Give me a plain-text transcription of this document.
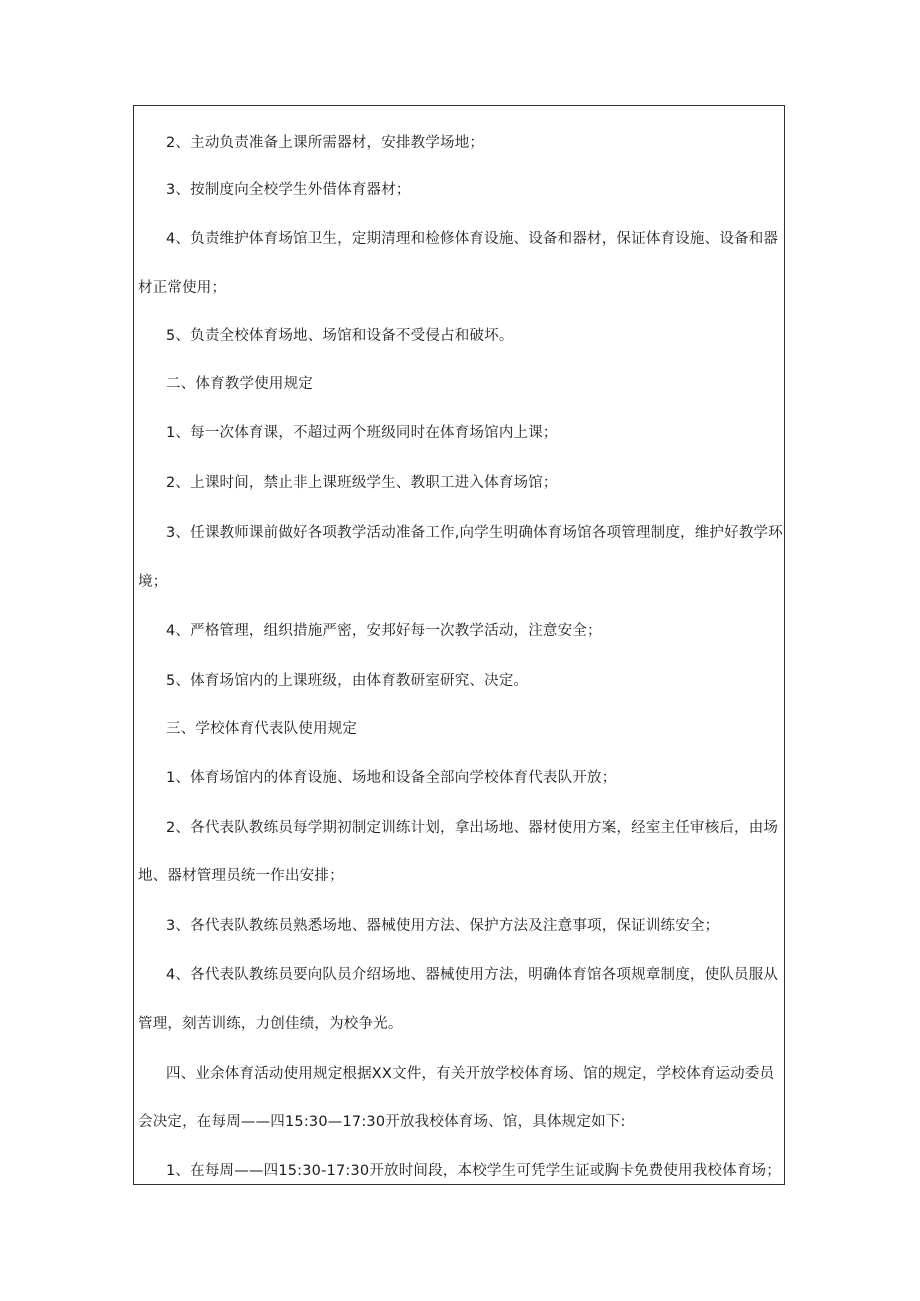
2、主动负责准备上课所需器材，安排教学场地；
3、按制度向全校学生外借体育器材；
4、负责维护体育场馆卫生，定期清理和检修体育设施、设备和器材，保证体育设施、设备和器
材正常使用；
5、负责全校体育场地、场馆和设备不受侵占和破坏。
二、体育教学使用规定
1、每一次体育课，不超过两个班级同时在体育场馆内上课；
2、上课时间，禁止非上课班级学生、教职工进入体育场馆；
3、任课教师课前做好各项教学活动准备工作,向学生明确体育场馆各项管理制度，维护好教学环
境；
4、严格管理，组织措施严密，安邦好每一次教学活动，注意安全；
5、体育场馆内的上课班级，由体育教研室研究、决定。
三、学校体育代表队使用规定
1、体育场馆内的体育设施、场地和设备全部向学校体育代表队开放；
2、各代表队教练员每学期初制定训练计划，拿出场地、器材使用方案，经室主任审核后，由场
地、器材管理员统一作出安排；
3、各代表队教练员熟悉场地、器械使用方法、保护方法及注意事项，保证训练安全；
4、各代表队教练员要向队员介绍场地、器械使用方法，明确体育馆各项规章制度，使队员服从
管理，刻苦训练，力创佳绩，为校争光。
四、业余体育活动使用规定根据XX文件，有关开放学校体育场、馆的规定，学校体育运动委员
会决定，在每周——四15:30—17:30开放我校体育场、馆，具体规定如下:
1、在每周——四15:30-17:30开放时间段，本校学生可凭学生证或胸卡免费使用我校体育场；
